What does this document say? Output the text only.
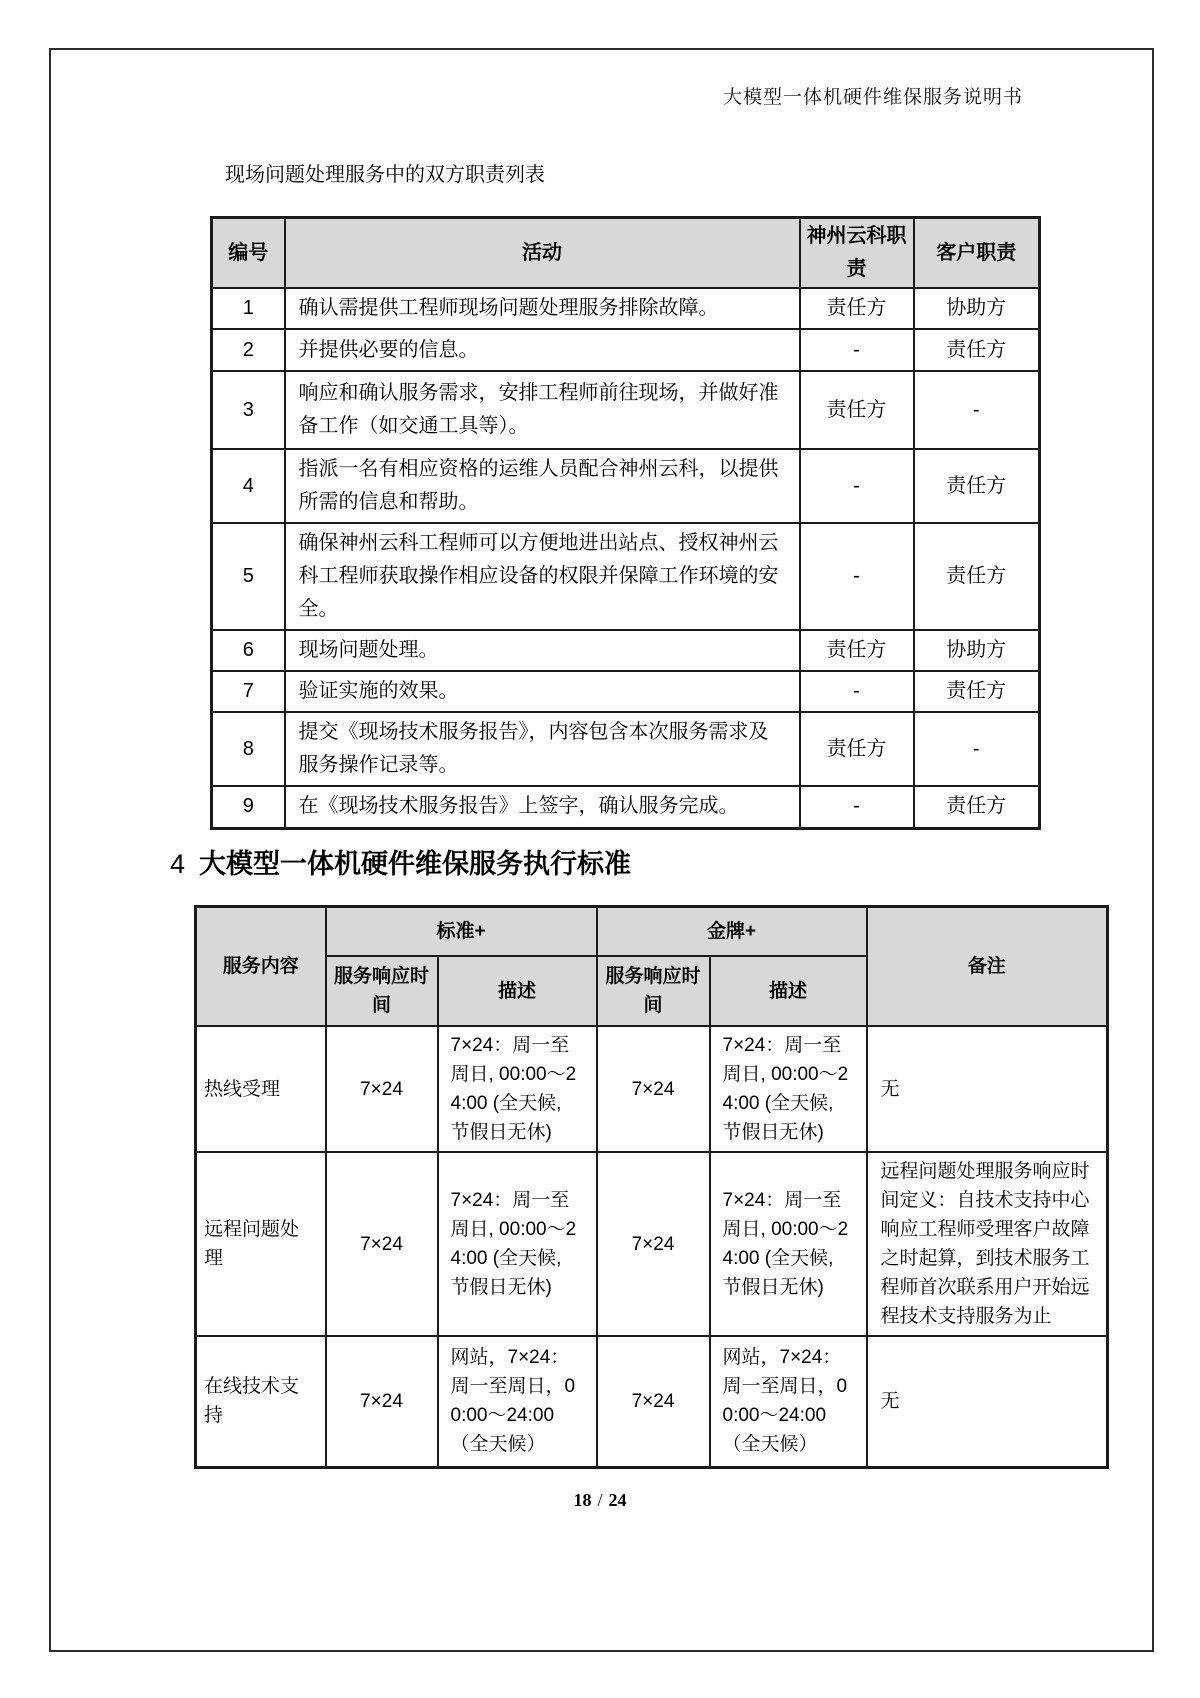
大模型一体机硬件维保服务说明书
现场问题处理服务中的双方职责列表
编号	活动	神州云科职责	客户职责
1	确认需提供工程师现场问题处理服务排除故障。	责任方	协助方
2	并提供必要的信息。	-	责任方
3	响应和确认服务需求，安排工程师前往现场，并做好准备工作（如交通工具等）。	责任方	-
4	指派一名有相应资格的运维人员配合神州云科，以提供所需的信息和帮助。	-	责任方
5	确保神州云科工程师可以方便地进出站点、授权神州云科工程师获取操作相应设备的权限并保障工作环境的安全。	-	责任方
6	现场问题处理。	责任方	协助方
7	验证实施的效果。	-	责任方
8	提交《现场技术服务报告》，内容包含本次服务需求及服务操作记录等。	责任方	-
9	在《现场技术服务报告》上签字，确认服务完成。	-	责任方
4 大模型一体机硬件维保服务执行标准
服务内容	标准+		金牌+		备注
	服务响应时间	描述	服务响应时间	描述	
热线受理	7×24	7×24：周一至周日, 00:00～24:00 (全天候, 节假日无休)	7×24	7×24：周一至周日, 00:00～24:00 (全天候, 节假日无休)	无
远程问题处理	7×24	7×24：周一至周日, 00:00～24:00 (全天候, 节假日无休)	7×24	7×24：周一至周日, 00:00～24:00 (全天候, 节假日无休)	远程问题处理服务响应时间定义：自技术支持中心响应工程师受理客户故障之时起算，到技术服务工程师首次联系用户开始远程技术支持服务为止
在线技术支持	7×24	网站，7×24：周一至周日，00:00～24:00（全天候）	7×24	网站，7×24：周一至周日，00:00～24:00（全天候）	无
18 / 24
